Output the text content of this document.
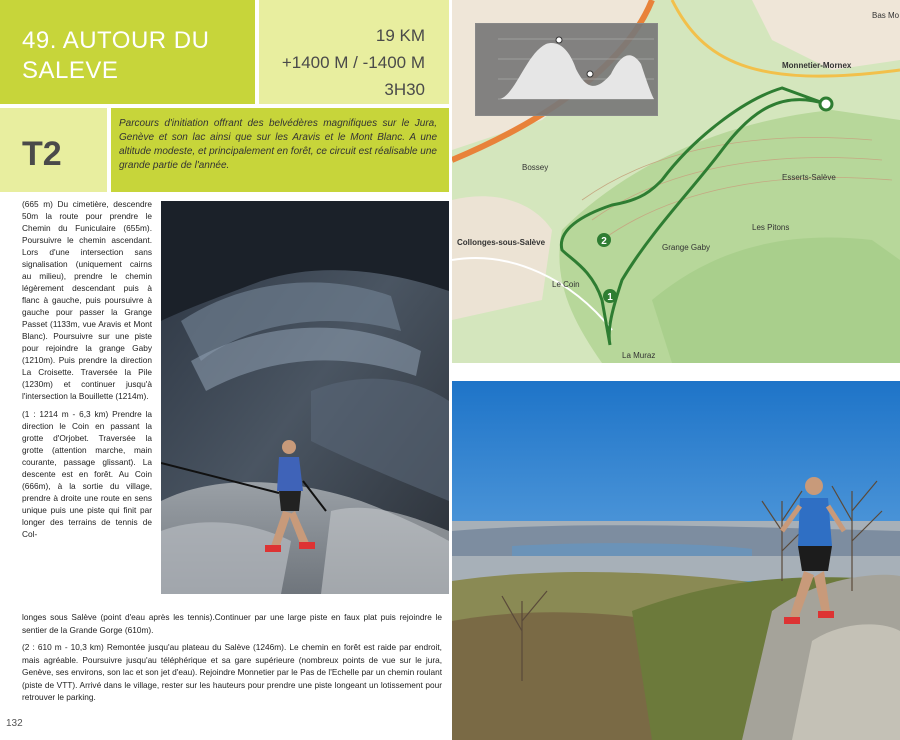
49. AUTOUR DU
SALEVE
19 KM
+1400 M / -1400 M
3H30
T2
Parcours d'initiation offrant des belvédères magnifiques sur le Jura, Genève et son lac ainsi que sur les Aravis et le Mont Blanc. A une altitude modeste, et principalement en forêt, ce circuit est réalisable une grande partie de l'année.

(665 m) Du cimetière, descendre 50m la route pour prendre le Chemin du Funiculaire (655m). Poursuivre le chemin ascendant. Lors d'une intersection sans signalisation (uniquement cairns au milieu), prendre le chemin légèrement descendant puis à flanc à gauche, puis poursuivre à gauche pour passer la Grange Passet (1133m, vue Aravis et Mont Blanc). Poursuivre sur une piste pour rejoindre la grange Gaby (1210m). Puis prendre la direction La Croisette. Traversée la Pile (1230m) et continuer jusqu'à l'intersection la Bouillette (1214m).

(1 : 1214 m - 6,3 km) Prendre la direction le Coin en passant la grotte d'Orjobet. Traversée la grotte (attention marche, main courante, passage glissant). La descente est en forêt. Au Coin (666m), à la sortie du village, prendre à droite une route en sens unique puis une piste qui finit par longer des terrains de tennis de Col-

longes sous Salève (point d'eau après les tennis).Continuer par une large piste en faux plat puis rejoindre le sentier de la Grande Gorge (610m).

(2 : 610 m - 10,3 km) Remontée jusqu'au plateau du Salève (1246m). Le chemin en forêt est raide par endroit, mais agréable. Poursuivre jusqu'au téléphérique et sa gare supérieure (nombreux points de vue sur le jura, Genève, ses environs, son lac et son jet d'eau). Rejoindre Monnetier par le Pas de l'Echelle par un chemin roulant (piste de VTT). Arrivé dans le village, rester sur les hauteurs pour prendre une piste longeant un lotissement pour retrouver le parking.

132
1
2
Monnetier-Mornex
Collonges-sous-Salève
Bossey
Le Coin
Esserts-Salève
Grange Gaby
Les Pitons
La Muraz
Bas Mo
